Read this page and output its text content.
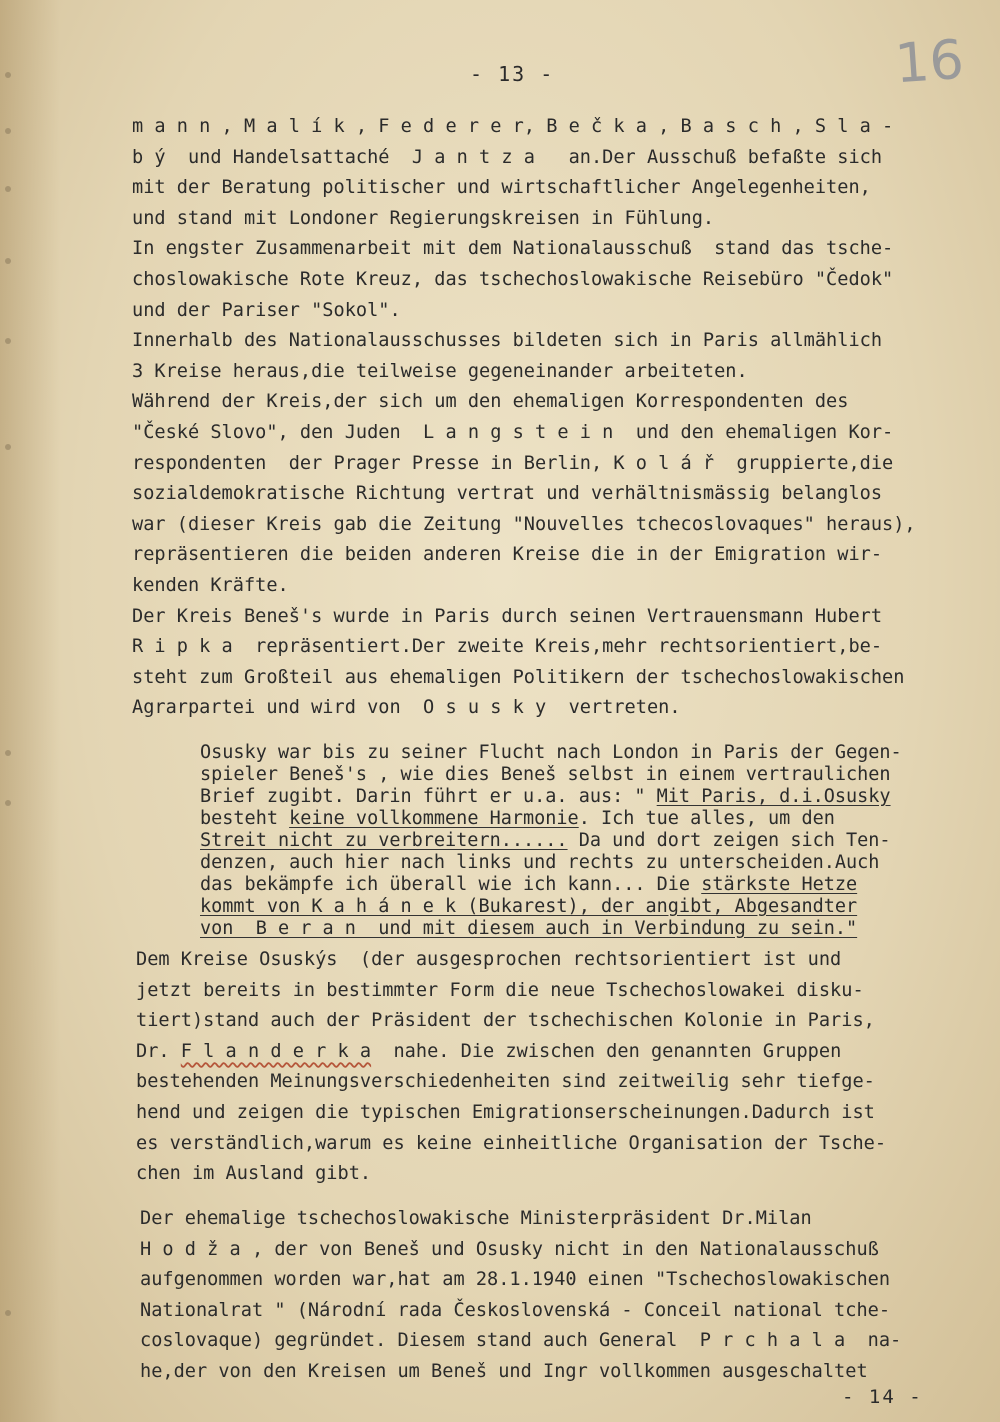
- 13 -	16
m a n n , M a l í k , F e d e r e r, B e č k a , B a s c h , S l a -
b ý  und Handelsattaché  J a n t z a   an.Der Ausschuß befaßte sich
mit der Beratung politischer und wirtschaftlicher Angelegenheiten,
und stand mit Londoner Regierungskreisen in Fühlung.
In engster Zusammenarbeit mit dem Nationalausschuß  stand das tsche-
choslowakische Rote Kreuz, das tschechoslowakische Reisebüro "Čedok"
und der Pariser "Sokol".
Innerhalb des Nationalausschusses bildeten sich in Paris allmählich
3 Kreise heraus,die teilweise gegeneinander arbeiteten.
Während der Kreis,der sich um den ehemaligen Korrespondenten des
"České Slovo", den Juden  L a n g s t e i n  und den ehemaligen Kor-
respondenten  der Prager Presse in Berlin, K o l á ř  gruppierte,die
sozialdemokratische Richtung vertrat und verhältnismässig belanglos
war (dieser Kreis gab die Zeitung "Nouvelles tchecoslovaques" heraus),
repräsentieren die beiden anderen Kreise die in der Emigration wir-
kenden Kräfte.
Der Kreis Beneš's wurde in Paris durch seinen Vertrauensmann Hubert
R i p k a  repräsentiert.Der zweite Kreis,mehr rechtsorientiert,be-
steht zum Großteil aus ehemaligen Politikern der tschechoslowakischen
Agrarpartei und wird von  O s u s k y  vertreten.
Osusky war bis zu seiner Flucht nach London in Paris der Gegen-
spieler Beneš's , wie dies Beneš selbst in einem vertraulichen
Brief zugibt. Darin führt er u.a. aus: " Mit Paris, d.i.Osusky
besteht keine vollkommene Harmonie. Ich tue alles, um den
Streit nicht zu verbreitern...... Da und dort zeigen sich Ten-
denzen, auch hier nach links und rechts zu unterscheiden.Auch
das bekämpfe ich überall wie ich kann... Die stärkste Hetze
kommt von K a h á n e k (Bukarest), der angibt, Abgesandter
von  B e r a n  und mit diesem auch in Verbindung zu sein."
Dem Kreise Osuskýs  (der ausgesprochen rechtsorientiert ist und
jetzt bereits in bestimmter Form die neue Tschechoslowakei disku-
tiert)stand auch der Präsident der tschechischen Kolonie in Paris,
Dr. F l a n d e r k a  nahe. Die zwischen den genannten Gruppen
bestehenden Meinungsverschiedenheiten sind zeitweilig sehr tiefge-
hend und zeigen die typischen Emigrationserscheinungen.Dadurch ist
es verständlich,warum es keine einheitliche Organisation der Tsche-
chen im Ausland gibt.
Der ehemalige tschechoslowakische Ministerpräsident Dr.Milan
H o d ž a , der von Beneš und Osusky nicht in den Nationalausschuß
aufgenommen worden war,hat am 28.1.1940 einen "Tschechoslowakischen
Nationalrat " (Národní rada Československá - Conceil national tche-
coslovaque) gegründet. Diesem stand auch General  P r c h a l a  na-
he,der von den Kreisen um Beneš und Ingr vollkommen ausgeschaltet
- 14 -
